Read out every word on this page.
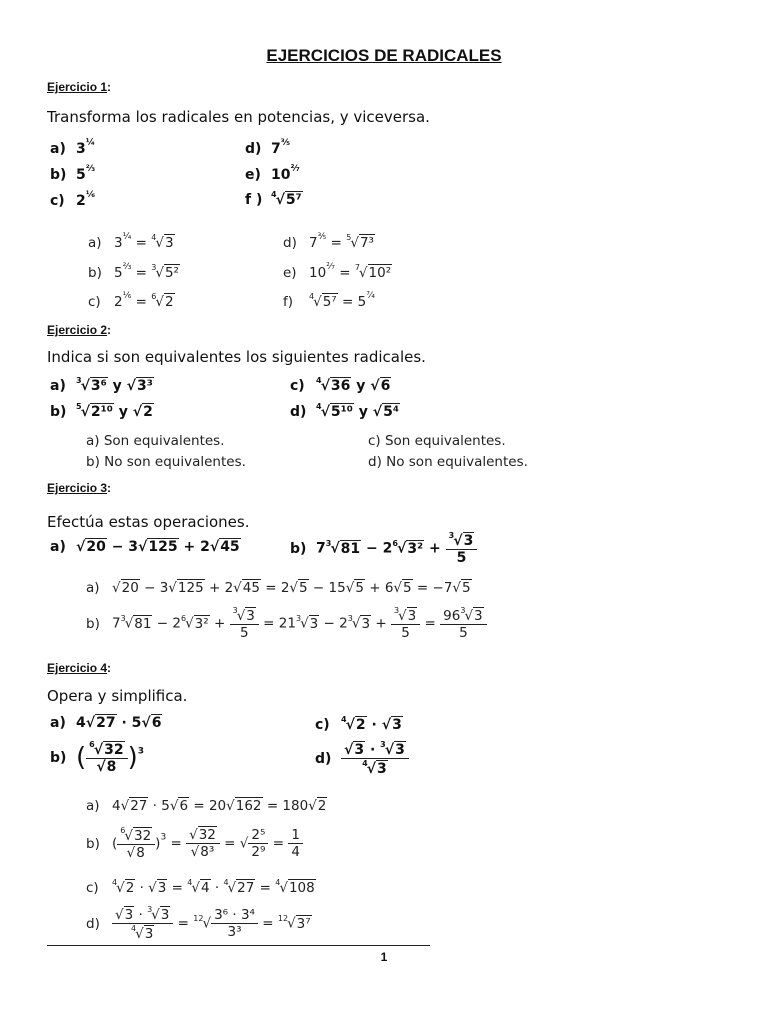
EJERCICIOS DE RADICALES
Ejercicio 1:
Transforma los radicales en potencias, y viceversa.
a) $3^{\frac{1}{4}}$
b) $5^{\frac{2}{3}}$
c) $2^{\frac{1}{6}}$
d) $7^{\frac{3}{5}}$
e) $10^{^2⁄_7}$
f ) $^4$√5⁷
a) $3^{\frac{1}{4}} = ^4√3$
b) $5^{\frac{2}{3}} = ^3√5^2$
c) $2^{\frac{1}{6}} = ^6√2$
d) $7^{\frac{3}{5}} = ^5√7^3$
e) $10^{^2⁄_7} = ^7√10^2$
f) $^4√5^7 = 5^{^7⁄_4}$
Ejercicio 2:
Indica si son equivalentes los siguientes radicales.
a) $^3$√3⁶ y √3³
b) $^5$√2¹⁰ y √2
c) $^4$√36 y √6
d) $^4$√5¹⁰ y √5⁴
a) Son equivalentes.
b) No son equivalentes.
c) Son equivalentes.
d) No son equivalentes.
Ejercicio 3:
Efectúa estas operaciones.
a) √20 − 3√125 + 2√45	b) $7^3√81 - 2^6√3^2 + \frac{^3√3}{5}$
a) √20 − 3√125 + 2√45 = 2√5 − 15√5 + 6√5 = −7√5
b) $7^3√81 - 2^6√3^2 + \frac{^3√3}{5} = 21^3√3 - 2^3√3 + \frac{^3√3}{5} = \frac{96^3√3}{5}$
Ejercicio 4:
Opera y simplifica.
a) 4√27 · 5√6
b) ( $\frac{^6√32}{√8} )^3$
c) $^4$√2 · √3
$d) \frac{√3 \cdot ^3√3}{^4√3}$
a) 4√27 · 5√6 = 20√162 = 180√2
b) ( $\frac{^6√32}{√8} )^3 = \frac{√32}{\text{√8³}}$ = √ $\frac{\text{2⁵}}{\text{2⁹}} = \frac{1}{4}$
c) $^4$√2 · √3 = $^4$√4 · $^4$√27 = $^4$√108
$d) \frac{√3 \cdot ^3√3}{^4√3} = ^{12}√ \frac{\text{3⁶ · 3⁴}}{\text{3³}} = ^{12}√3^7$
1
